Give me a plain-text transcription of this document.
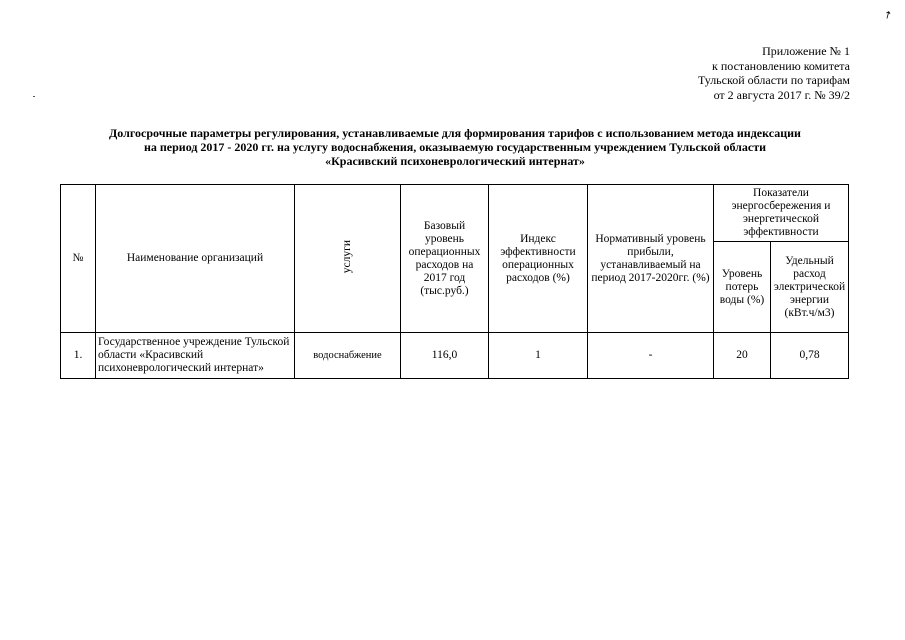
↗
Приложение № 1
к постановлению комитета
Тульской области по тарифам
от 2 августа 2017 г. № 39/2
Долгосрочные параметры регулирования, устанавливаемые для формирования тарифов с использованием метода индексации
на период 2017 - 2020 гг. на услугу водоснабжения, оказываемую государственным учреждением Тульской области
«Красивский психоневрологический интернат»
№	Наименование организаций	услуги	Базовый уровень операционных расходов на 2017 год (тыс.руб.)	Индекс эффективности операционных расходов (%)	Нормативный уровень прибыли, устанавливаемый на период 2017-2020гг. (%)	Показатели энергосбережения и энергетической эффективности	
						Уровень потерь воды (%)	Удельный расход электрической энергии (кВт.ч/м3)
1.	Государственное учреждение Тульской области «Красивский психоневрологический интернат»	водоснабжение	116,0	1	-	20	0,78
